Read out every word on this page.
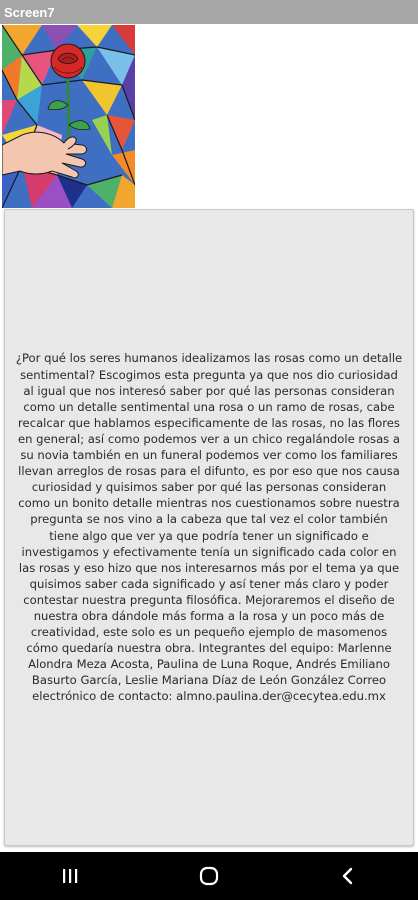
Screen7

¿Por qué los seres humanos idealizamos las rosas como un detalle sentimental? Escogimos esta pregunta ya que nos dio curiosidad al igual que nos interesó saber por qué las personas consideran como un detalle sentimental una rosa o un ramo de rosas, cabe recalcar que hablamos especificamente de las rosas, no las flores en general; así como podemos ver a un chico regalándole rosas a su novia también en un funeral podemos ver como los familiares llevan arreglos de rosas para el difunto, es por eso que nos causa curiosidad y quisimos saber por qué las personas consideran como un bonito detalle mientras nos cuestionamos sobre nuestra pregunta se nos vino a la cabeza que tal vez el color también tiene algo que ver ya que podría tener un significado e investigamos y efectivamente tenía un significado cada color en las rosas y eso hizo que nos interesarnos más por el tema ya que quisimos saber cada significado y así tener más claro y poder contestar nuestra pregunta filosófica. Mejoraremos el diseño de nuestra obra dándole más forma a la rosa y un poco más de creatividad, este solo es un pequeño ejemplo de masomenos cómo quedaría nuestra obra. Integrantes del equipo: Marlenne Alondra Meza Acosta, Paulina de Luna Roque, Andrés Emiliano Basurto García, Leslie Mariana Díaz de León González Correo electrónico de contacto: almno.paulina.der@cecytea.edu.mx
